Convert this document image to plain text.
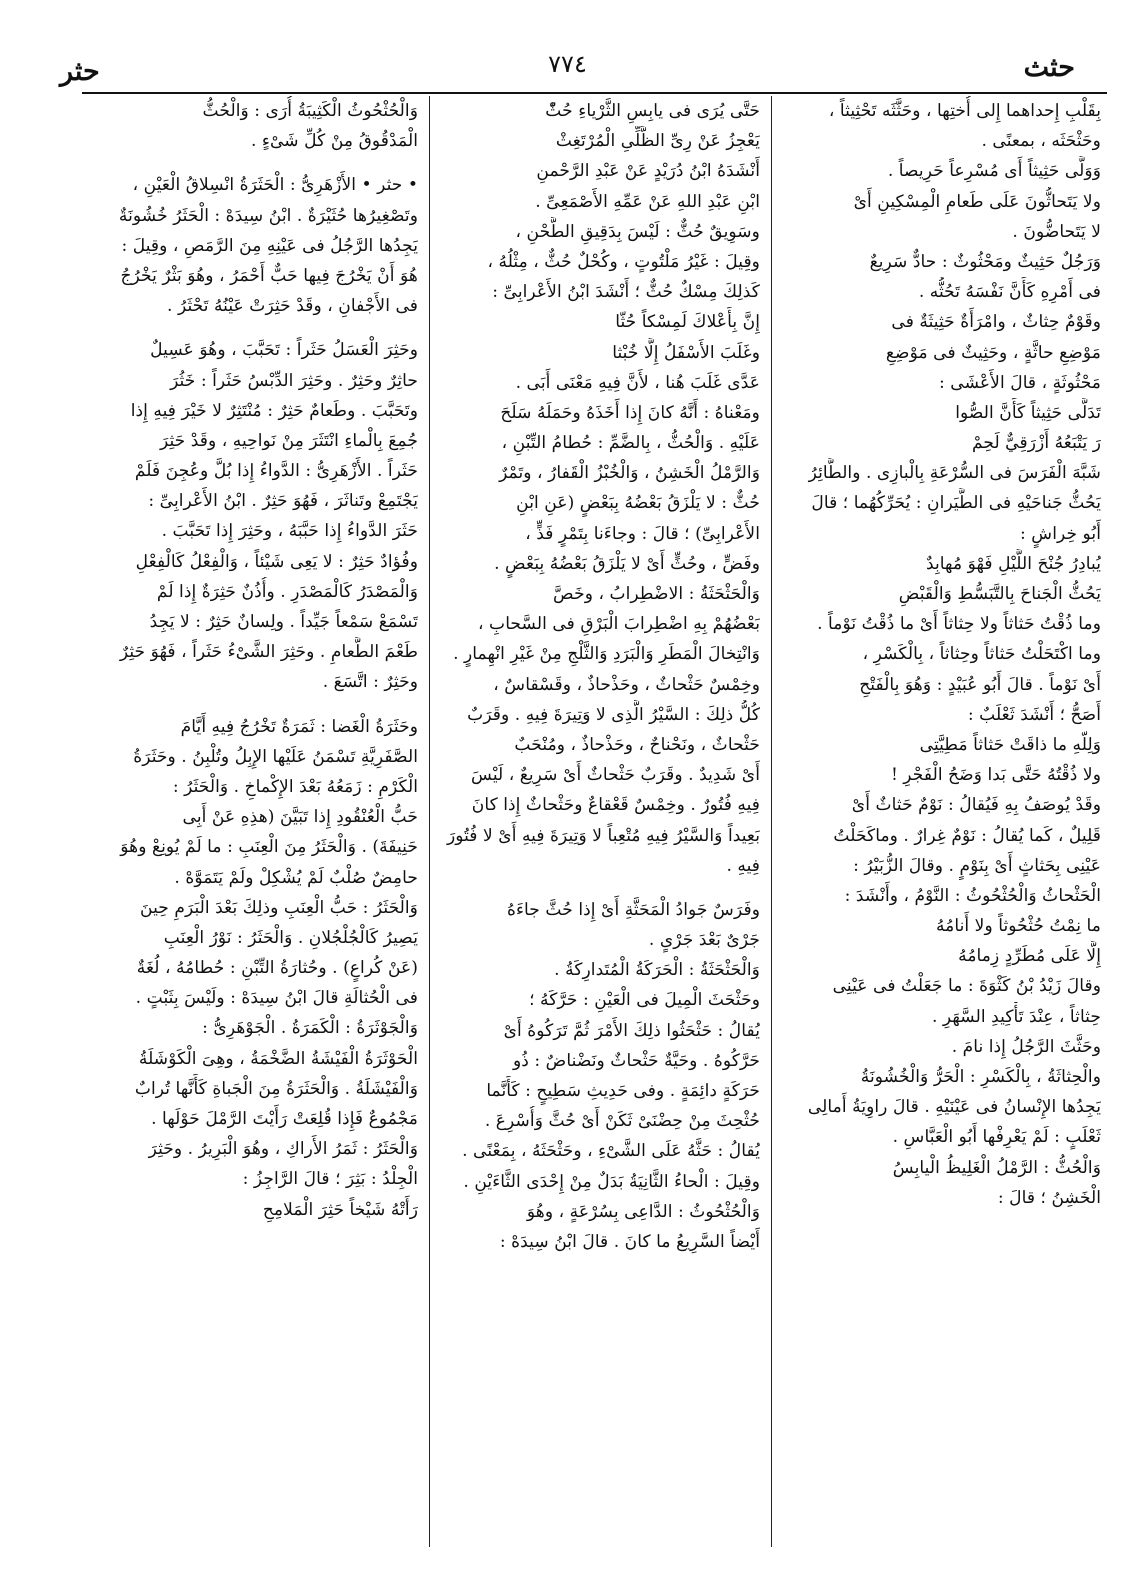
حثث
٧٧٤
حثر
بِقَلْبِ إِحداهما إِلى أُختِها ، وحَثَّثَه تَحْثِيثاً ،
وحَثْحَثَه ، بمعنًى .
وَوَلَّى حَثِيثاً أَى مُسْرِعاً حَرِيصاً .
ولا يَتَحاثُّونَ عَلَى طَعامِ الْمِسْكِينِ أَىْ
لا يَتَحاضُّونَ .
وَرَجُلٌ حَثِيثٌ ومَحْثُوثٌ : حادٌّ سَرِيعٌ
فى أَمْرِهِ كَأَنَّ نَفْسَهُ تَحُثُّه .
وقَوْمٌ حِثاثٌ ، وامْرَأَةٌ حَثِيثَةٌ فى
مَوْضِعِ حاثَّةٍ ، وحَثِيثٌ فى مَوْضِعِ
مَحْثُوثَةٍ ، قالَ الأَعْشَى :
تَدَلَّى حَثِيثاً كَأَنَّ الصُّوا
رَ يَتْبَعُهُ أَزْرَقِيٌّ لَحِمْ
شَبَّهَ الْفَرَسَ فى السُّرْعَةِ بِالْبازِى . والطَّائِرُ
يَحُثُّ جَناحَيْهِ فى الطَّيَرانِ : يُحَرِّكُهُما ؛ قالَ
أَبُو خِراشٍ :
يُبادِرُ جُنْحَ اللَّيْلِ فَهْوَ مُهابِدٌ
يَحُثُّ الْجَناحَ بِالتَّبَسُّطِ وَالْقَبْضِ
وما ذُقْتُ حَثاثاً ولا حِثاثاً أَىْ ما ذُقْتُ نَوْماً .
وما اكْتَحَلْتُ حَثاثاً وحِثاثاً ، بِالْكَسْرِ ،
أَىْ نَوْماً . قالَ أَبُو عُبَيْدٍ : وَهُوَ بِالْفَتْحِ
أَصَحُّ ؛ أَنْشَدَ ثَعْلَبٌ :
وَلِلّهِ ما ذاقَتْ حَثاثاً مَطِيَّتِى
ولا ذُقْتُهُ حَتَّى بَدا وَضَحُ الْفَجْرِ !
وقَدْ يُوصَفُ بِهِ فَيُقالُ : نَوْمٌ حَثاثٌ أَىْ
قَلِيلٌ ، كَما يُقالُ : نَوْمٌ غِرارٌ . وماكَحَلْتُ
عَيْنِى بِحَثاثٍ أَىْ بِنَوْمٍ . وقالَ الزُّبَيْرُ :
الْحَثْحاثُ وَالْحُثْحُوثُ : النَّوْمُ ، وأَنْشَدَ :
ما نِمْتُ حُثْحُوثاً ولا أَنامُهُ
إِلَّا عَلَى مُطَرِّدٍ زِمامُهُ
وقالَ زَيْدُ بْنُ كَثْوَةَ : ما جَعَلْتُ فى عَيْنِى
حِثاثاً ، عِنْدَ تَأْكِيدِ السَّهَرِ .
وحَثَّثَ الرَّجُلُ إِذا نامَ .
والْحِثاثَةُ ، بِالْكَسْرِ : الْحَرُّ وَالْخُشُونَةُ
يَجِدُها الإِنْسانُ فى عَيْنَيْهِ . قالَ راوِيَةُ أَمالِى
ثَعْلَبٍ : لَمْ يَعْرِفْها أَبُو الْعَبَّاسِ .
وَالْحُثُّ : الرَّمْلُ الْغَلِيظُ الْيابِسُ
الْخَشِنُ ؛ قالَ :
حَتَّى يُرَى فى يابِسِ الثَّرْياءِ حُثّْ
يَعْجِزُ عَنْ رِىِّ الظَّلِّىِ الْمُرْتَغِثْ
أَنْشَدَهُ ابْنُ دُرَيْدٍ عَنْ عَبْدِ الرَّحْمنِ
ابْنِ عَبْدِ اللهِ عَنْ عَمِّهِ الأَصْمَعِىِّ .
وسَوِيقٌ حُثٌّ : لَيْسَ بِدَقِيقِ الطَّحْنِ ،
وقِيلَ : غَيْرُ مَلْتُوتٍ ، وكُحْلٌ حُثٌّ ، مِثْلُهُ ،
كَذلِكَ مِسْكٌ حُثٌّ ؛ أَنْشَدَ ابْنُ الأَعْرابِىِّ :
إِنَّ بِأَعْلاكَ لَمِسْكاً حُثّا
وغَلَبَ الأَسْفَلُ إِلَّا خُبْثا
عَدَّى غَلَبَ هُنا ، لأَنَّ فِيهِ مَعْنَى أَبَى .
ومَعْناهُ : أَنَّهُ كانَ إِذا أَخَذَهُ وحَمَلَهُ سَلَحَ
عَلَيْهِ . وَالْحُثُّ ، بِالضَّمِّ : حُطامُ التِّبْنِ ،
وَالرَّمْلُ الْخَشِنُ ، وَالْخُبْزُ الْقَفارُ ، وتَمْرٌ
حُثٌّ : لا يَلْزَقُ بَعْضُهُ بِبَعْضٍ (عَنِ ابْنِ
الأَعْرابِىِّ) ؛ قالَ : وجاءَنا بِتَمْرٍ فَذٍّ ،
وفَضٍّ ، وحُثٍّ أَىْ لا يَلْزَقُ بَعْضُهُ بِبَعْضٍ .
وَالْحَثْحَثَةُ : الاضْطِرابُ ، وخَصَّ
بَعْضُهُمْ بِهِ اضْطِرابَ الْبَرْقِ فى السَّحابِ ،
وَانْتِخالَ الْمَطَرِ وَالْبَرَدِ وَالثَّلْجِ مِنْ غَيْرِ انْهِمارٍ .
وخِمْسٌ حَثْحاثٌ ، وحَذْحاذٌ ، وقَسْقاسٌ ،
كُلُّ ذلِكَ : السَّيْرُ الَّذِى لا وَتِيرَةَ فِيهِ . وقَرَبٌ
حَثْحاثٌ ، ونَحْناحٌ ، وحَذْحاذٌ ، ومُنْحَبٌ
أَىْ شَدِيدٌ . وقَرَبٌ حَثْحاثٌ أَىْ سَرِيعٌ ، لَيْسَ
فِيهِ فُتُورٌ . وخِمْسٌ قَعْقاعٌ وحَثْحاثٌ إِذا كانَ
بَعِيداً وَالسَّيْرُ فِيهِ مُتْعِباً لا وَتِيرَةَ فِيهِ أَىْ لا فُتُورَ
فِيهِ .
وفَرَسٌ جَوادُ الْمَحَثَّةِ أَىْ إِذا حُثَّ جاءَهُ
جَرْىٌ بَعْدَ جَرْىٍ .
وَالْحَثْحَثَةُ : الْحَرَكَةُ الْمُتَدارِكَةُ .
وحَثْحَثَ الْمِيلَ فى الْعَيْنِ : حَرَّكَهُ ؛
يُقالُ : حَثْحَثُوا ذلِكَ الأَمْرَ ثُمَّ تَرَكُوهُ أَىْ
حَرَّكُوهُ . وحَيَّةٌ حَثْحاثٌ ونَضْناضٌ : ذُو
حَرَكَةٍ دائِمَةٍ . وفى حَدِيثِ سَطِيحٍ : كَأَنَّما
حُثْحِثَ مِنْ حِضْنَىْ ثَكَنْ أَىْ حُثَّ وَأُسْرِعَ .
يُقالُ : حَثَّهُ عَلَى الشَّىْءِ ، وحَثْحَثَهُ ، بِمَعْنًى .
وقِيلَ : الْحاءُ الثَّانِيَةُ بَدَلٌ مِنْ إِحْدَى الثَّاءَيْنِ .
وَالْحُثْحُوثُ : الدَّاعِى بِسُرْعَةٍ ، وهُوَ
أَيْضاً السَّرِيعُ ما كانَ . قالَ ابْنُ سِيدَهْ :
وَالْحُثْحُوثُ الْكَثِيبَةُ أُرَى : وَالْحُثُّ
الْمَدْقُوقُ مِنْ كُلِّ شَىْءٍ .
• حثر • الأَزْهَرِىُّ : الْحَثَرَةُ انْسِلاقُ الْعَيْنِ ،
وتَصْغِيرُها حُثَيْرَةٌ . ابْنُ سِيدَهْ : الْحَثَرُ خُشُونَةٌ
يَجِدُها الرَّجُلُ فى عَيْنِهِ مِنَ الرَّمَصِ ، وقِيلَ :
هُوَ أَنْ يَخْرُجَ فِيها حَبٌّ أَحْمَرُ ، وهُوَ بَثْرٌ يَخْرُجُ
فى الأَجْفانِ ، وقَدْ حَثِرَتْ عَيْنُهُ تَحْثَرُ .
وحَثِرَ الْعَسَلُ حَثَراً : تَحَبَّبَ ، وهُوَ عَسِيلٌ
حاثِرٌ وحَثِرٌ . وحَثِرَ الدِّبْسُ حَثَراً : خَثُرَ
وتَحَبَّبَ . وطَعامٌ حَثِرٌ : مُنْتَثِرٌ لا خَيْرَ فِيهِ إِذا
جُمِعَ بِالْماءِ انْتَثَرَ مِنْ نَواحِيهِ ، وقَدْ حَثِرَ
حَثَراً . الأَزْهَرِىُّ : الدَّواءُ إِذا بُلَّ وعُجِنَ فَلَمْ
يَجْتَمِعْ وتَناثَرَ ، فَهُوَ حَثِرٌ . ابْنُ الأَعْرابِىِّ :
حَثَرَ الدَّواءُ إِذا حَبَّبَهُ ، وحَثِرَ إِذا تَحَبَّبَ .
وفُؤادٌ حَثِرٌ : لا يَعِى شَيْئاً ، وَالْفِعْلُ كَالْفِعْلِ
وَالْمَصْدَرُ كَالْمَصْدَرِ . وأُذُنٌ حَثِرَةٌ إِذا لَمْ
تَسْمَعْ سَمْعاً جَيِّداً . ولِسانٌ حَثِرٌ : لا يَجِدُ
طَعْمَ الطَّعامِ . وحَثِرَ الشَّىْءُ حَثَراً ، فَهُوَ حَثِرٌ
وحَثِرٌ : اتَّسَعَ .
وحَثَرَةُ الْغَضا : ثَمَرَةٌ تَخْرُجُ فِيهِ أَيَّامَ
الصَّفَرِيَّةِ تَسْمَنُ عَلَيْها الإِبِلُ وتُلْبِنُ . وحَثَرَةُ
الْكَرْمِ : زَمَعُهُ بَعْدَ الإِكْماخِ . وَالْحَثَرُ :
حَبُّ الْعُنْقُودِ إِذا تَبَيَّنَ (هذِهِ عَنْ أَبِى
حَنِيفَةَ) . وَالْحَثَرُ مِنَ الْعِنَبِ : ما لَمْ يُونِعْ وهُوَ
حامِضٌ صُلْبٌ لَمْ يُشْكِلْ ولَمْ يَتَمَوَّهْ .
وَالْحَثَرُ : حَبُّ الْعِنَبِ وذلِكَ بَعْدَ الْبَرَمِ حِينَ
يَصِيرُ كَالْجُلْجُلانِ . وَالْحَثَرُ : نَوْرُ الْعِنَبِ
(عَنْ كُراعٍ) . وحُثارَةُ التِّبْنِ : حُطامُهُ ، لُغَةٌ
فى الْحُثالَةِ قالَ ابْنُ سِيدَهْ : ولَيْسَ بِثَبْتٍ .
وَالْجَوْثَرَةُ : الْكَمَرَةُ . الْجَوْهَرِىُّ :
الْحَوْثَرَةُ الْفَيْشَةُ الضَّخْمَةُ ، وهِىَ الْكَوْشَلَةُ
وَالْفَيْشَلَةُ . وَالْحَثَرَةُ مِنَ الْجَباةِ كَأَنَّها تُرابٌ
مَجْمُوعٌ فَإِذا قُلِعَتْ رَأَيْتَ الرَّمْلَ حَوْلَها .
وَالْحَثَرُ : ثَمَرُ الأَراكِ ، وهُوَ الْبَرِيرُ . وحَثِرَ
الْجِلْدُ : بَثِرَ ؛ قالَ الرَّاجِزُ :
رَأَتْهُ شَيْخاً حَثِرَ الْمَلامِحِ
